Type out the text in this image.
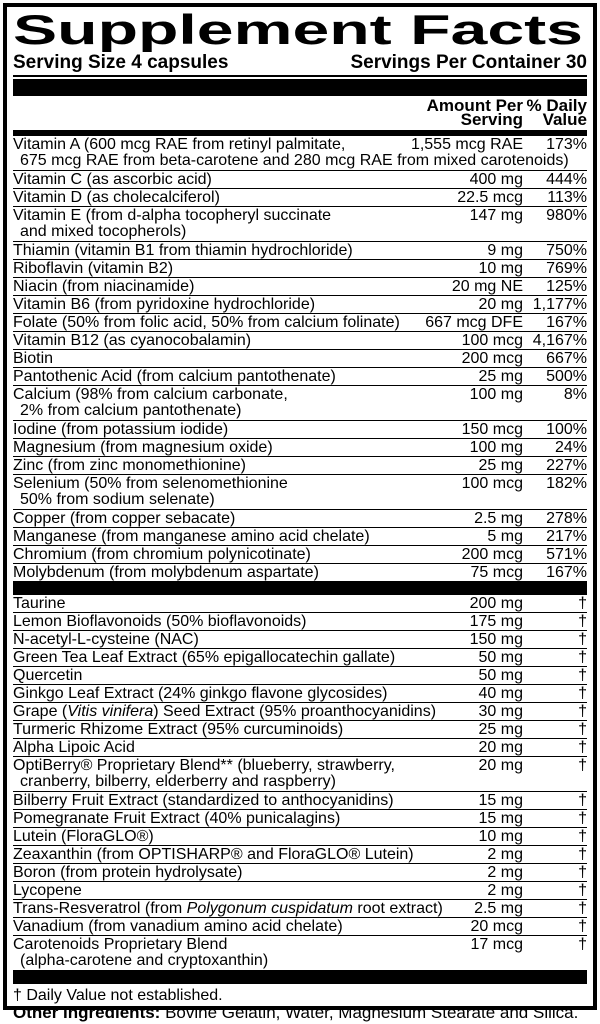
Supplement Facts
Serving Size 4 capsules	Servings Per Container 30
Amount Per
Serving
% Daily
Value
Vitamin A (600 mcg RAE from retinyl palmitate,	1,555 mcg RAE	173%
675 mcg RAE from beta-carotene and 280 mcg RAE from mixed carotenoids)
Vitamin C (as ascorbic acid)	400 mg	444%
Vitamin D (as cholecalciferol)	22.5 mcg	113%
Vitamin E (from d-alpha tocopheryl succinate	147 mg	980%
and mixed tocopherols)
Thiamin (vitamin B1 from thiamin hydrochloride)	9 mg	750%
Riboflavin (vitamin B2)	10 mg	769%
Niacin (from niacinamide)	20 mg NE	125%
Vitamin B6 (from pyridoxine hydrochloride)	20 mg 1,177%
Folate (50% from folic acid, 50% from calcium folinate)	667 mcg DFE	167%
Vitamin B12 (as cyanocobalamin)	100 mcg 4,167%
Biotin	200 mcg	667%
Pantothenic Acid (from calcium pantothenate)	25 mg	500%
Calcium (98% from calcium carbonate,	100 mg	8%
2% from calcium pantothenate)
Iodine (from potassium iodide)	150 mcg	100%
Magnesium (from magnesium oxide)	100 mg	24%
Zinc (from zinc monomethionine)	25 mg	227%
Selenium (50% from selenomethionine	100 mcg	182%
50% from sodium selenate)
Copper (from copper sebacate)	2.5 mg	278%
Manganese (from manganese amino acid chelate)	5 mg	217%
Chromium (from chromium polynicotinate)	200 mcg	571%
Molybdenum (from molybdenum aspartate)	75 mcg	167%
Taurine	200 mg	†
Lemon Bioflavonoids (50% bioflavonoids)	175 mg	†
N-acetyl-L-cysteine (NAC)	150 mg	†
Green Tea Leaf Extract (65% epigallocatechin gallate)	50 mg	†
Quercetin	50 mg	†
Ginkgo Leaf Extract (24% ginkgo flavone glycosides)	40 mg	†
Grape (Vitis vinifera) Seed Extract (95% proanthocyanidins)	30 mg	†
Turmeric Rhizome Extract (95% curcuminoids)	25 mg	†
Alpha Lipoic Acid	20 mg	†
OptiBerry® Proprietary Blend** (blueberry, strawberry,	20 mg	†
cranberry, bilberry, elderberry and raspberry)
Bilberry Fruit Extract (standardized to anthocyanidins)	15 mg	†
Pomegranate Fruit Extract (40% punicalagins)	15 mg	†
Lutein (FloraGLO®)	10 mg	†
Zeaxanthin (from OPTISHARP® and FloraGLO® Lutein)	2 mg	†
Boron (from protein hydrolysate)	2 mg	†
Lycopene	2 mg	†
Trans-Resveratrol (from Polygonum cuspidatum root extract)	2.5 mg	†
Vanadium (from vanadium amino acid chelate)	20 mcg	†
Carotenoids Proprietary Blend	17 mcg	†
(alpha-carotene and cryptoxanthin)
† Daily Value not established.
Other Ingredients: Bovine Gelatin, Water, Magnesium Stearate and Silica.
